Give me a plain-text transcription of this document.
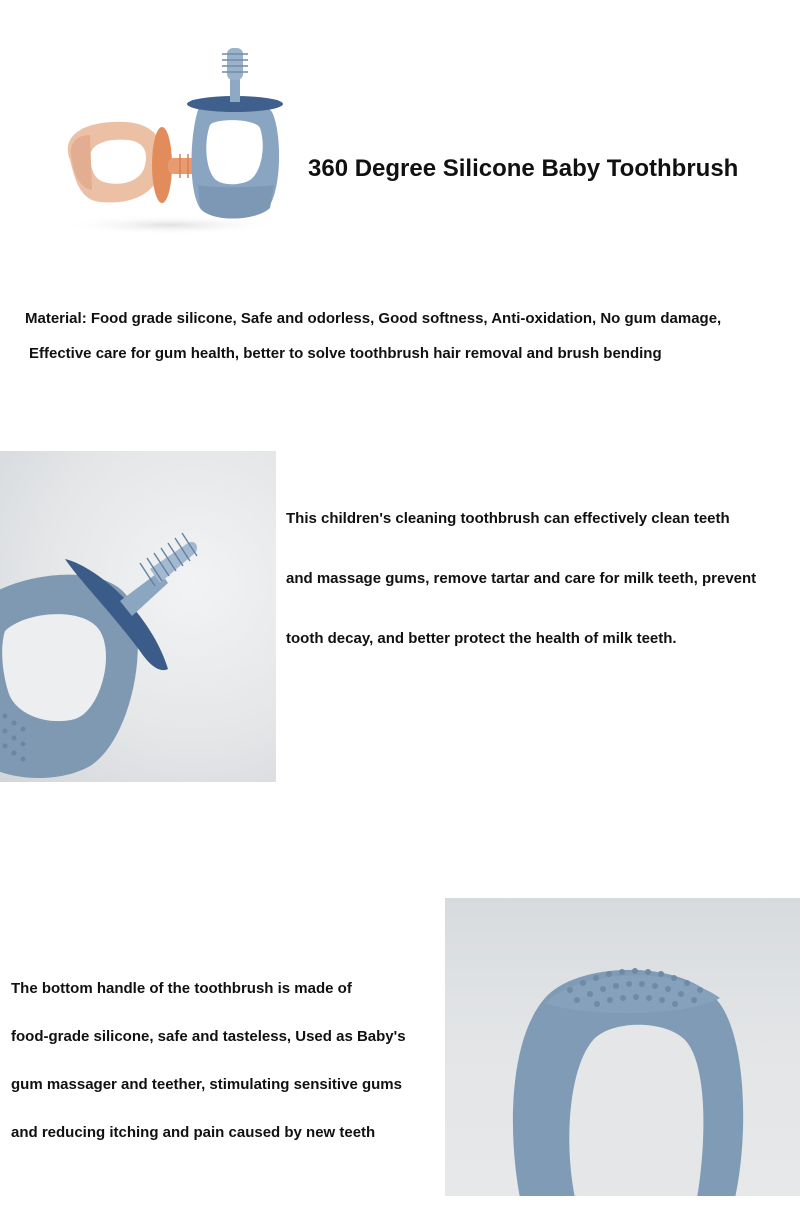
360 Degree Silicone Baby Toothbrush
Material: Food grade silicone, Safe and odorless, Good softness, Anti-oxidation, No gum damage,
Effective care for gum health, better to solve toothbrush hair removal and brush bending
This children's cleaning toothbrush can effectively clean teeth
and massage gums, remove tartar and care for milk teeth, prevent
tooth decay, and better protect the health of milk teeth.
The bottom handle of the toothbrush is made of
food-grade silicone, safe and tasteless, Used as Baby's
gum massager and teether, stimulating sensitive gums
and reducing itching and pain caused by new teeth
